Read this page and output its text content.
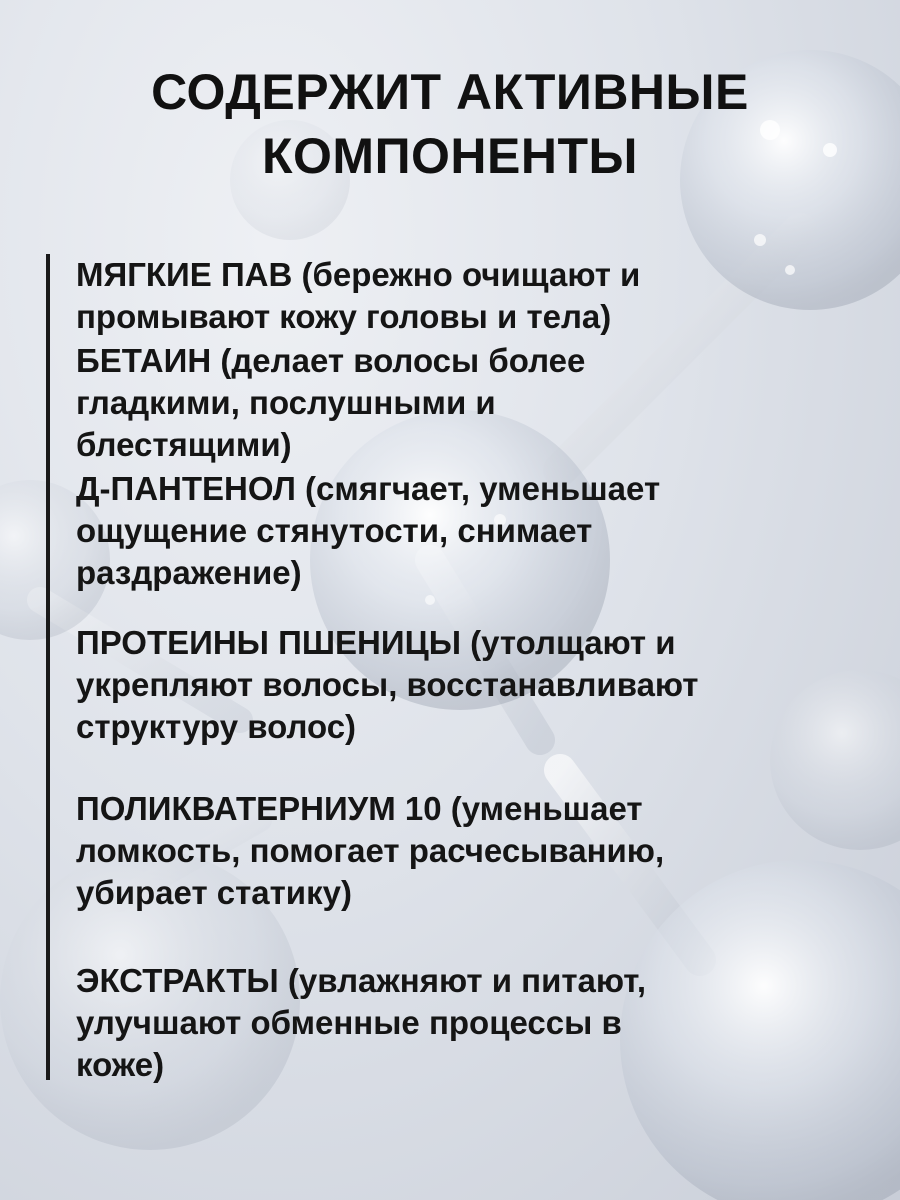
СОДЕРЖИТ АКТИВНЫЕ
КОМПОНЕНТЫ
МЯГКИЕ ПАВ (бережно очищают и промывают кожу головы и тела)
БЕТАИН (делает волосы более гладкими, послушными и блестящими)
Д-ПАНТЕНОЛ (смягчает, уменьшает ощущение стянутости, снимает раздражение)
ПРОТЕИНЫ ПШЕНИЦЫ (утолщают и укрепляют волосы, восстанавливают структуру волос)
ПОЛИКВАТЕРНИУМ 10 (уменьшает ломкость, помогает расчесыванию, убирает статику)
ЭКСТРАКТЫ (увлажняют и питают, улучшают обменные процессы в коже)
